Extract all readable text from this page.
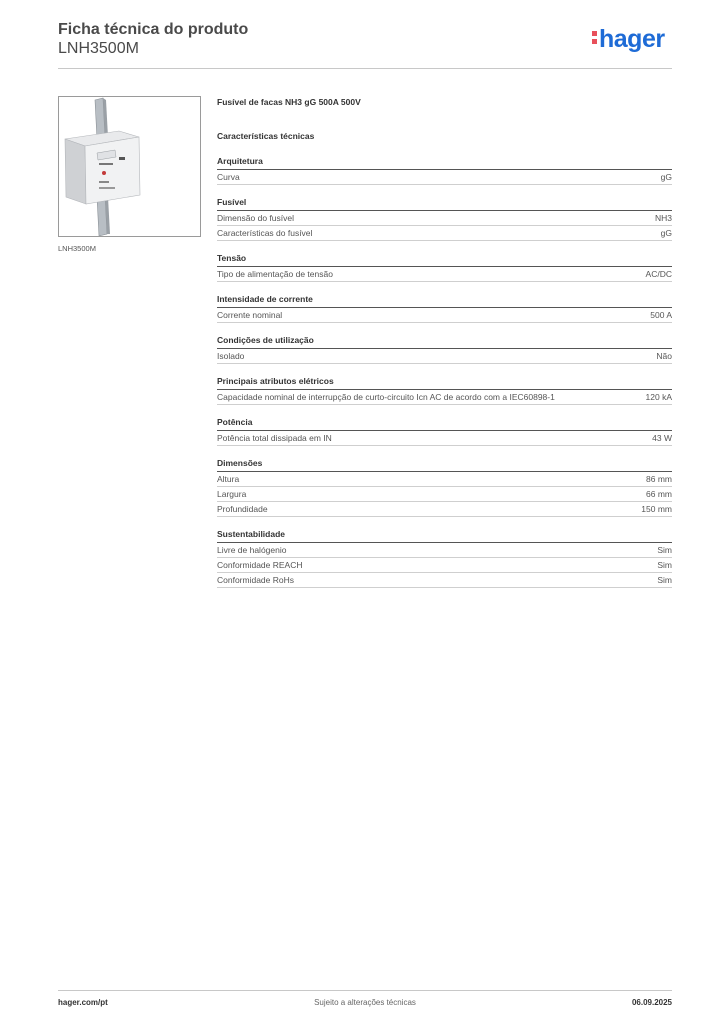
Ficha técnica do produto
LNH3500M	hager
LNH3500M
Fusível de facas NH3 gG 500A 500V
Características técnicas
Arquitetura
Curva	gG
Fusível
Dimensão do fusível	NH3
Características do fusível	gG
Tensão
Tipo de alimentação de tensão	AC/DC
Intensidade de corrente
Corrente nominal	500 A
Condições de utilização
Isolado	Não
Principais atributos elétricos
Capacidade nominal de interrupção de curto-circuito Icn AC de acordo com a IEC60898-1	120 kA
Potência
Potência total dissipada em IN	43 W
Dimensões
Altura	86 mm
Largura	66 mm
Profundidade	150 mm
Sustentabilidade
Livre de halógenio	Sim
Conformidade REACH	Sim
Conformidade RoHs	Sim
hager.com/pt	Sujeito a alterações técnicas	06.09.2025
